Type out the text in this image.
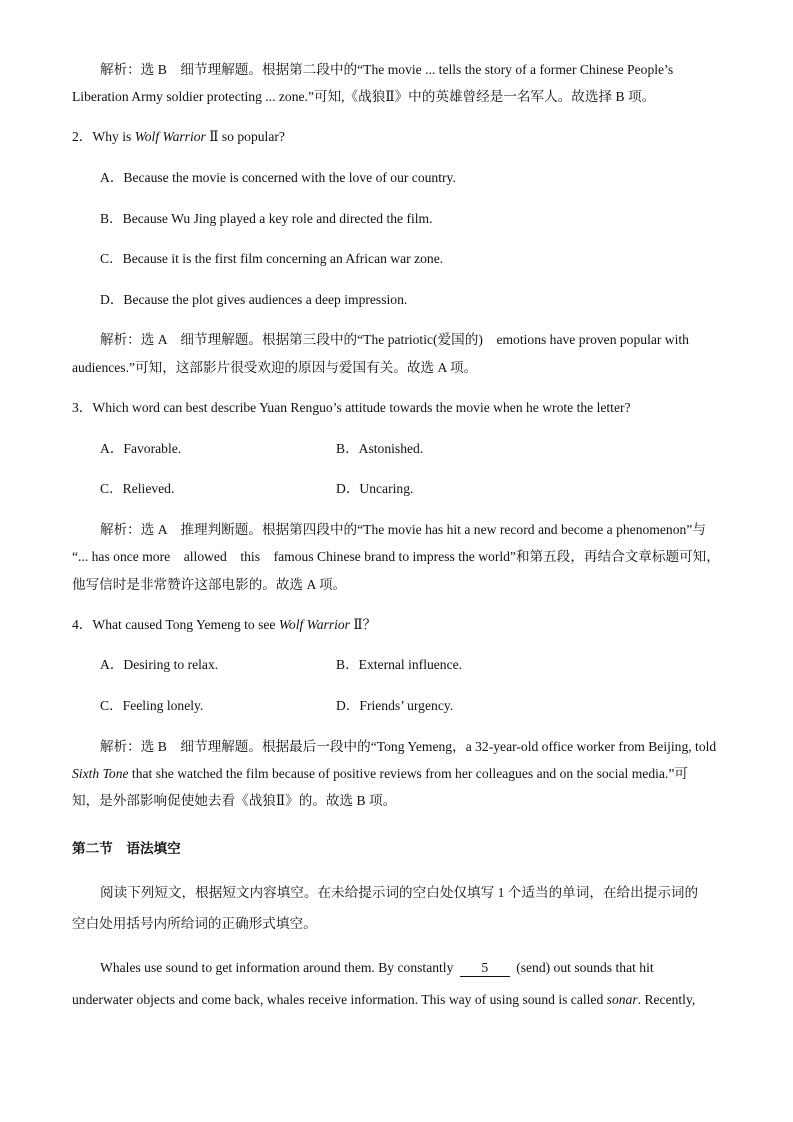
解析：选 B　细节理解题。根据第二段中的“The movie ... tells the story of a former Chinese People’s
Liberation Army soldier protecting ... zone.”可知,《战狼Ⅱ》中的英雄曾经是一名军人。故选择 B 项。
2．Why is Wolf Warrior Ⅱ so popular?
A．Because the movie is concerned with the love of our country.
B．Because Wu Jing played a key role and directed the film.
C．Because it is the first film concerning an African war zone.
D．Because the plot gives audiences a deep impression.
解析：选 A　细节理解题。根据第三段中的“The patriotic(爱国的)　emotions have proven popular with
audiences.”可知，这部影片很受欢迎的原因与爱国有关。故选 A 项。
3．Which word can best describe Yuan Renguo’s attitude towards the movie when he wrote the letter?
A．Favorable.	B．Astonished.
C．Relieved.	D．Uncaring.
解析：选 A　推理判断题。根据第四段中的“The movie has hit a new record and become a phenomenon”与
“... has once more　allowed　this　famous Chinese brand to impress the world”和第五段，再结合文章标题可知，
他写信时是非常赞许这部电影的。故选 A 项。
4．What caused Tong Yemeng to see Wolf Warrior Ⅱ？
A．Desiring to relax.	B．External influence.
C．Feeling lonely.	D．Friends’ urgency.
解析：选 B　细节理解题。根据最后一段中的“Tong Yemeng，a 32-year-old office worker from Beijing, told
Sixth Tone that she watched the film because of positive reviews from her colleagues and on the social media.”可
知，是外部影响促使她去看《战狼Ⅱ》的。故选 B 项。
第二节　语法填空
阅读下列短文，根据短文内容填空。在未给提示词的空白处仅填写 1 个适当的单词，在给出提示词的
空白处用括号内所给词的正确形式填空。
Whales use sound to get information around them. By constantly 5 (send) out sounds that hit
underwater objects and come back, whales receive information. This way of using sound is called sonar. Recently,
